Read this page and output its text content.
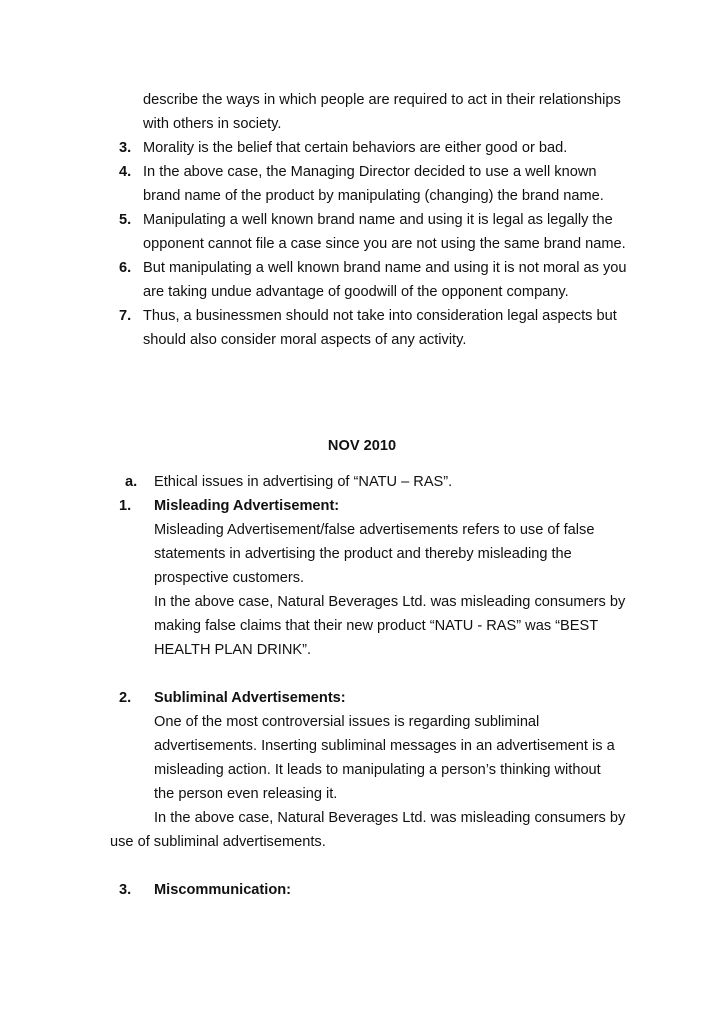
describe the ways in which people are required to act in their relationships
with others in society.
3. Morality is the belief that certain behaviors are either good or bad.
4. In the above case, the Managing Director decided to use a well known
brand name of the product by manipulating (changing) the brand name.
5. Manipulating a well known brand name and using it is legal as legally the
opponent cannot file a case since you are not using the same brand name.
6. But manipulating a well known brand name and using it is not moral as you
are taking undue advantage of goodwill of the opponent company.
7. Thus, a businessmen should not take into consideration legal aspects but
should also consider moral aspects of any activity.
NOV 2010
a. Ethical issues in advertising of “NATU – RAS”.
1. Misleading Advertisement:
Misleading Advertisement/false advertisements refers to use of false
statements in advertising the product and thereby misleading the
prospective customers.
In the above case, Natural Beverages Ltd. was misleading consumers by
making false claims that their new product “NATU - RAS” was “BEST
HEALTH PLAN DRINK”.
2. Subliminal Advertisements:
One of the most controversial issues is regarding subliminal
advertisements. Inserting subliminal messages in an advertisement is a
misleading action. It leads to manipulating a person’s thinking without
the person even releasing it.
In the above case, Natural Beverages Ltd. was misleading consumers by
use of subliminal advertisements.
3. Miscommunication:
